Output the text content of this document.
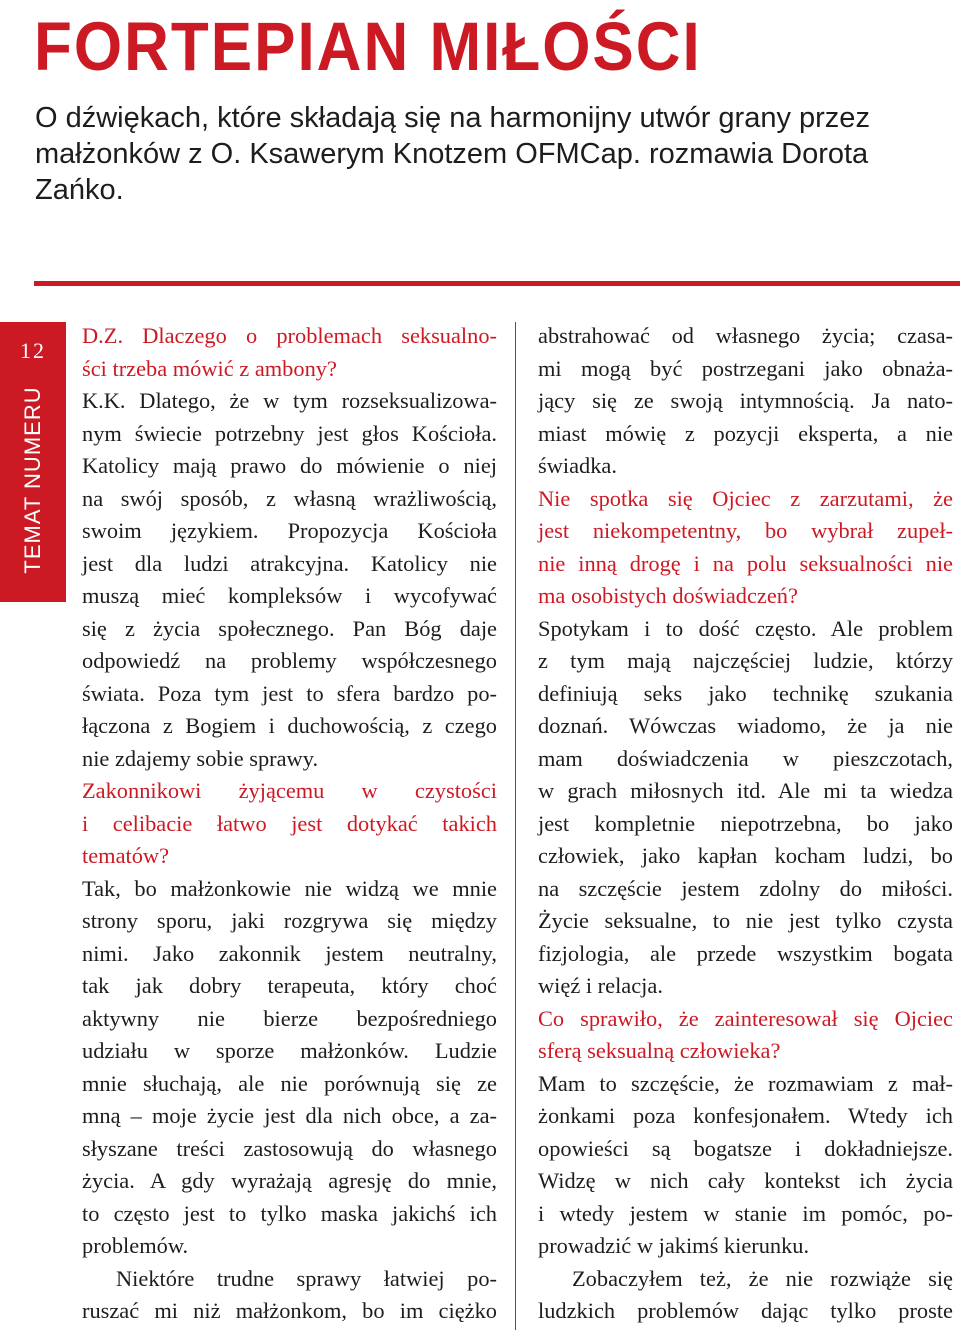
FORTEPIAN MIŁOŚCI

O dźwiękach, które składają się na harmonijny utwór grany przez małżonków z O. Ksawerym Knotzem OFMCap. rozmawia Dorota Zańko.

12
TEMAT NUMERU
D.Z. Dlaczego o problemach seksualno-
ści trzeba mówić z ambony?
K.K. Dlatego, że w tym rozseksualizowa-
nym świecie potrzebny jest głos Kościoła.
Katolicy mają prawo do mówienie o niej
na swój sposób, z własną wrażliwością,
swoim językiem. Propozycja Kościoła
jest dla ludzi atrakcyjna. Katolicy nie
muszą mieć kompleksów i wycofywać
się z życia społecznego. Pan Bóg daje
odpowiedź na problemy współczesnego
świata. Poza tym jest to sfera bardzo po-
łączona z Bogiem i duchowością, z czego
nie zdajemy sobie sprawy.
Zakonnikowi żyjącemu w czystości
i celibacie łatwo jest dotykać takich
tematów?
Tak, bo małżonkowie nie widzą we mnie
strony sporu, jaki rozgrywa się między
nimi. Jako zakonnik jestem neutralny,
tak jak dobry terapeuta, który choć
aktywny nie bierze bezpośredniego
udziału w sporze małżonków. Ludzie
mnie słuchają, ale nie porównują się ze
mną – moje życie jest dla nich obce, a za-
słyszane treści zastosowują do własnego
życia. A gdy wyrażają agresję do mnie,
to często jest to tylko maska jakichś ich
problemów.
Niektóre trudne sprawy łatwiej po-
ruszać mi niż małżonkom, bo im ciężko
abstrahować od własnego życia; czasa-
mi mogą być postrzegani jako obnaża-
jący się ze swoją intymnością. Ja nato-
miast mówię z pozycji eksperta, a nie
świadka.
Nie spotka się Ojciec z zarzutami, że
jest niekompetentny, bo wybrał zupeł-
nie inną drogę i na polu seksualności nie
ma osobistych doświadczeń?
Spotykam i to dość często. Ale problem
z tym mają najczęściej ludzie, którzy
definiują seks jako technikę szukania
doznań. Wówczas wiadomo, że ja nie
mam doświadczenia w pieszczotach,
w grach miłosnych itd. Ale mi ta wiedza
jest kompletnie niepotrzebna, bo jako
człowiek, jako kapłan kocham ludzi, bo
na szczęście jestem zdolny do miłości.
Życie seksualne, to nie jest tylko czysta
fizjologia, ale przede wszystkim bogata
więź i relacja.
Co sprawiło, że zainteresował się Ojciec
sferą seksualną człowieka?
Mam to szczęście, że rozmawiam z mał-
żonkami poza konfesjonałem. Wtedy ich
opowieści są bogatsze i dokładniejsze.
Widzę w nich cały kontekst ich życia
i wtedy jestem w stanie im pomóc, po-
prowadzić w jakimś kierunku.
Zobaczyłem też, że nie rozwiąże się
ludzkich problemów dając tylko proste
